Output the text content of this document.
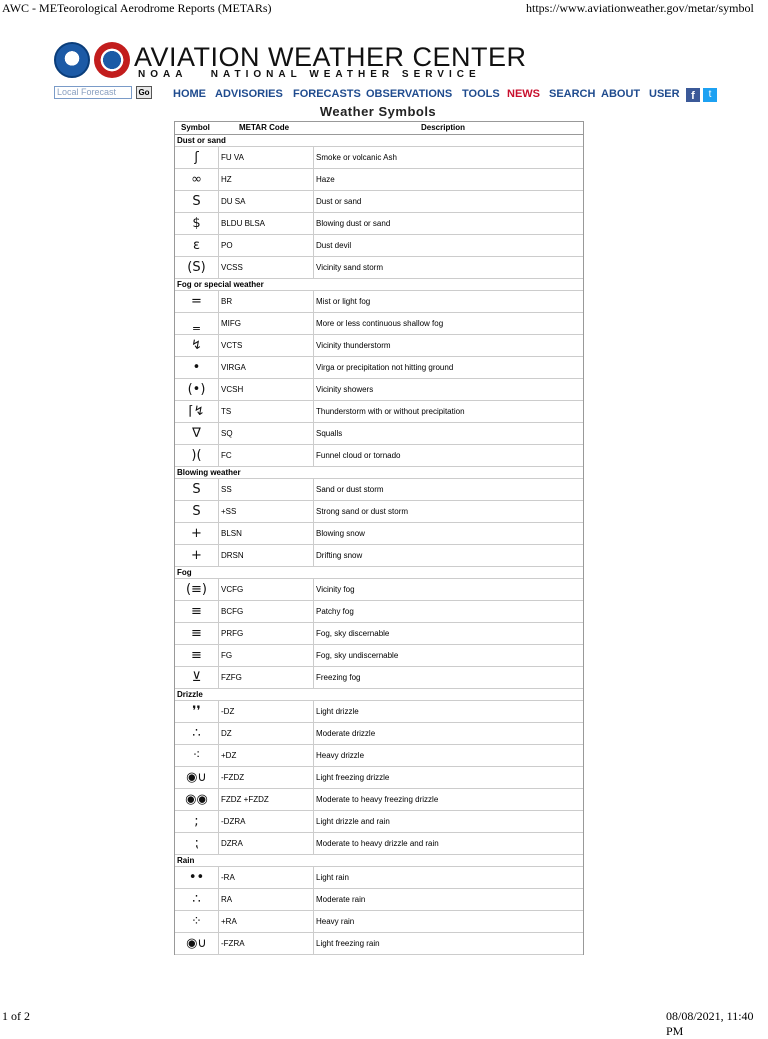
AWC - METeorological Aerodrome Reports (METARs)	https://www.aviationweather.gov/metar/symbol
AVIATION WEATHER CENTER
NOAA NATIONAL WEATHER SERVICE
Local Forecast	Go HOME ADVISORIES FORECASTS OBSERVATIONS TOOLS NEWS SEARCH ABOUT USER	f	t
Weather Symbols
Symbol	METAR Code	Description
Dust or sand
ʃ	FU VA	Smoke or volcanic Ash
∞	HZ	Haze
S	DU SA	Dust or sand
$	BLDU BLSA	Blowing dust or sand
ε	PO	Dust devil
(S)	VCSS	Vicinity sand storm
Fog or special weather
=	BR	Mist or light fog
‗	MIFG	More or less continuous shallow fog
↯	VCTS	Vicinity thunderstorm
•	VIRGA	Virga or precipitation not hitting ground
(•)	VCSH	Vicinity showers
⌈↯	TS	Thunderstorm with or without precipitation
∇	SQ	Squalls
)(	FC	Funnel cloud or tornado
Blowing weather
S	SS	Sand or dust storm
S	+SS	Strong sand or dust storm
+	BLSN	Blowing snow
+	DRSN	Drifting snow
Fog
(≡)	VCFG	Vicinity fog
≡	BCFG	Patchy fog
≡	PRFG	Fog, sky discernable
≡	FG	Fog, sky undiscernable
⊻	FZFG	Freezing fog
Drizzle
❜❜	-DZ	Light drizzle
∴	DZ	Moderate drizzle
⁖	+DZ	Heavy drizzle
◉∪	-FZDZ	Light freezing drizzle
◉◉	FZDZ +FZDZ	Moderate to heavy freezing drizzle
;	-DZRA	Light drizzle and rain
⁏	DZRA	Moderate to heavy drizzle and rain
Rain
••	-RA	Light rain
∴	RA	Moderate rain
⁘	+RA	Heavy rain
◉∪	-FZRA	Light freezing rain
1 of 2	08/08/2021, 11:40 PM
